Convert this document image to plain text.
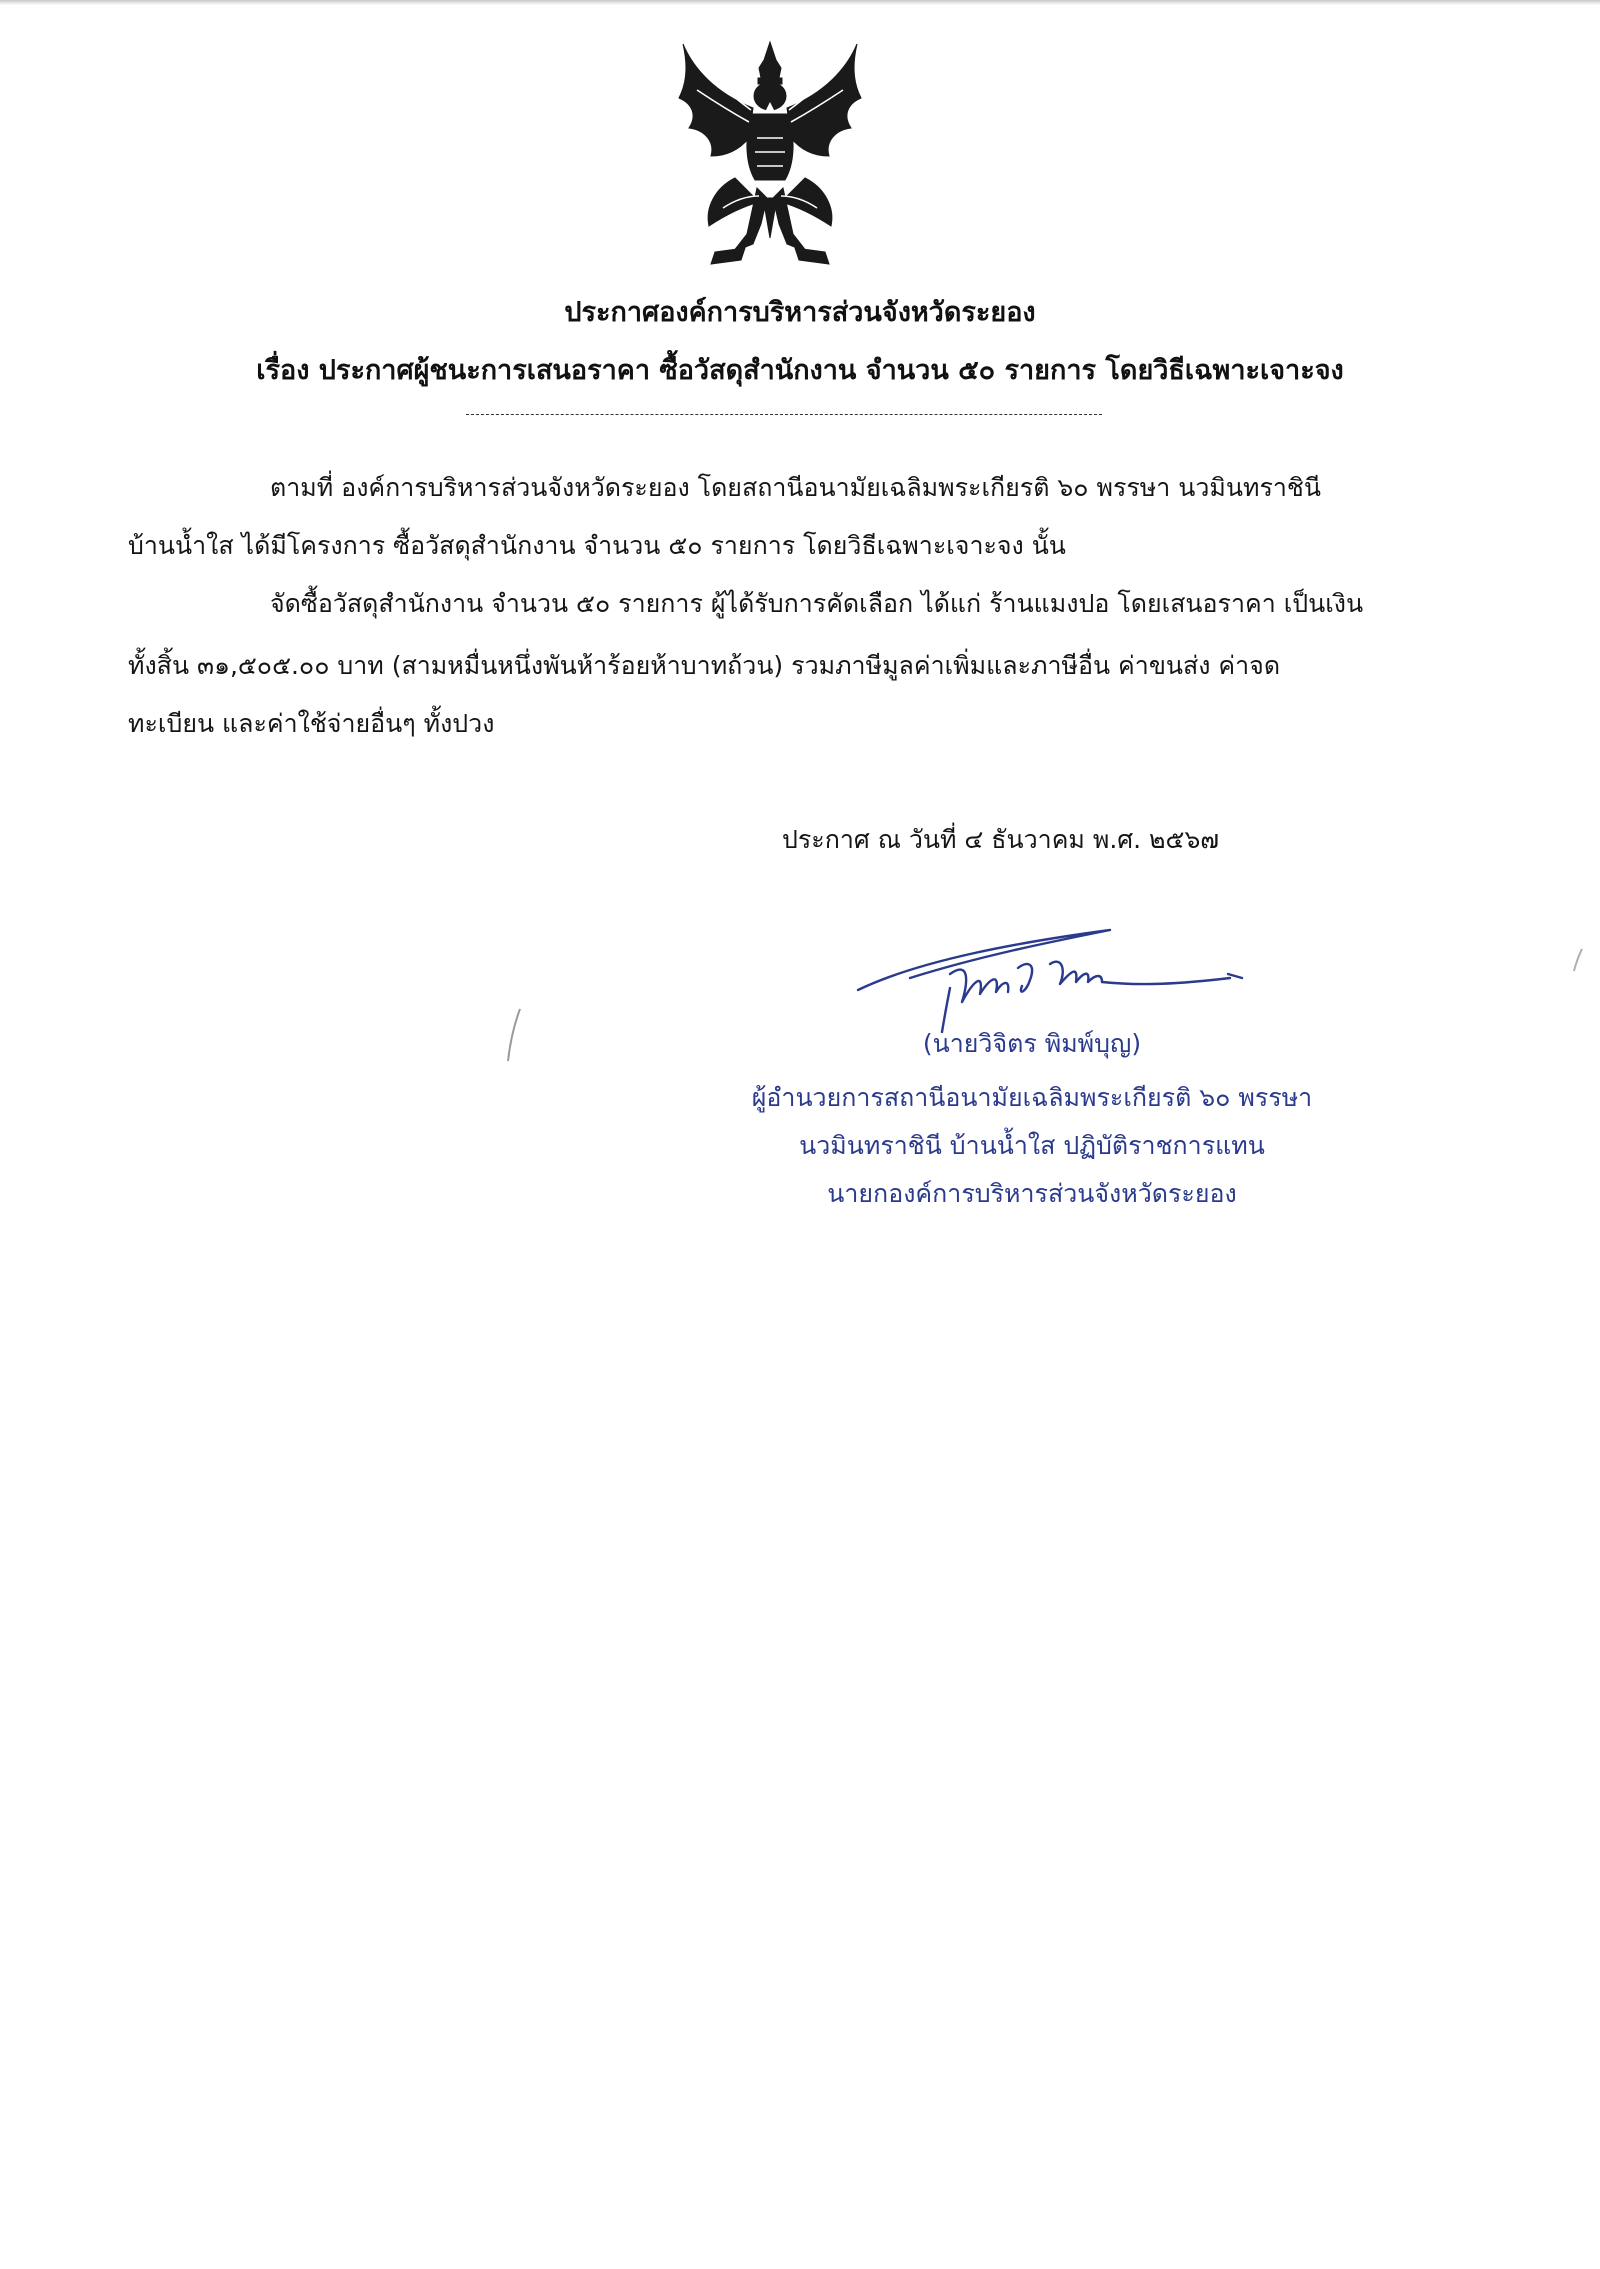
ประกาศองค์การบริหารส่วนจังหวัดระยอง
เรื่อง ประกาศผู้ชนะการเสนอราคา ซื้อวัสดุสำนักงาน จำนวน ๕๐ รายการ โดยวิธีเฉพาะเจาะจง
ตามที่ องค์การบริหารส่วนจังหวัดระยอง โดยสถานีอนามัยเฉลิมพระเกียรติ ๖๐ พรรษา นวมินทราชินี
บ้านน้ำใส ได้มีโครงการ ซื้อวัสดุสำนักงาน จำนวน ๕๐ รายการ โดยวิธีเฉพาะเจาะจง นั้น
จัดซื้อวัสดุสำนักงาน จำนวน ๕๐ รายการ ผู้ได้รับการคัดเลือก ได้แก่ ร้านแมงปอ โดยเสนอราคา เป็นเงิน
ทั้งสิ้น ๓๑,๕๐๕.๐๐ บาท (สามหมื่นหนึ่งพันห้าร้อยห้าบาทถ้วน) รวมภาษีมูลค่าเพิ่มและภาษีอื่น ค่าขนส่ง ค่าจด
ทะเบียน และค่าใช้จ่ายอื่นๆ ทั้งปวง
ประกาศ ณ วันที่ ๔ ธันวาคม พ.ศ. ๒๕๖๗
(นายวิจิตร พิมพ์บุญ)
ผู้อำนวยการสถานีอนามัยเฉลิมพระเกียรติ ๖๐ พรรษา
นวมินทราชินี บ้านน้ำใส ปฏิบัติราชการแทน
นายกองค์การบริหารส่วนจังหวัดระยอง
